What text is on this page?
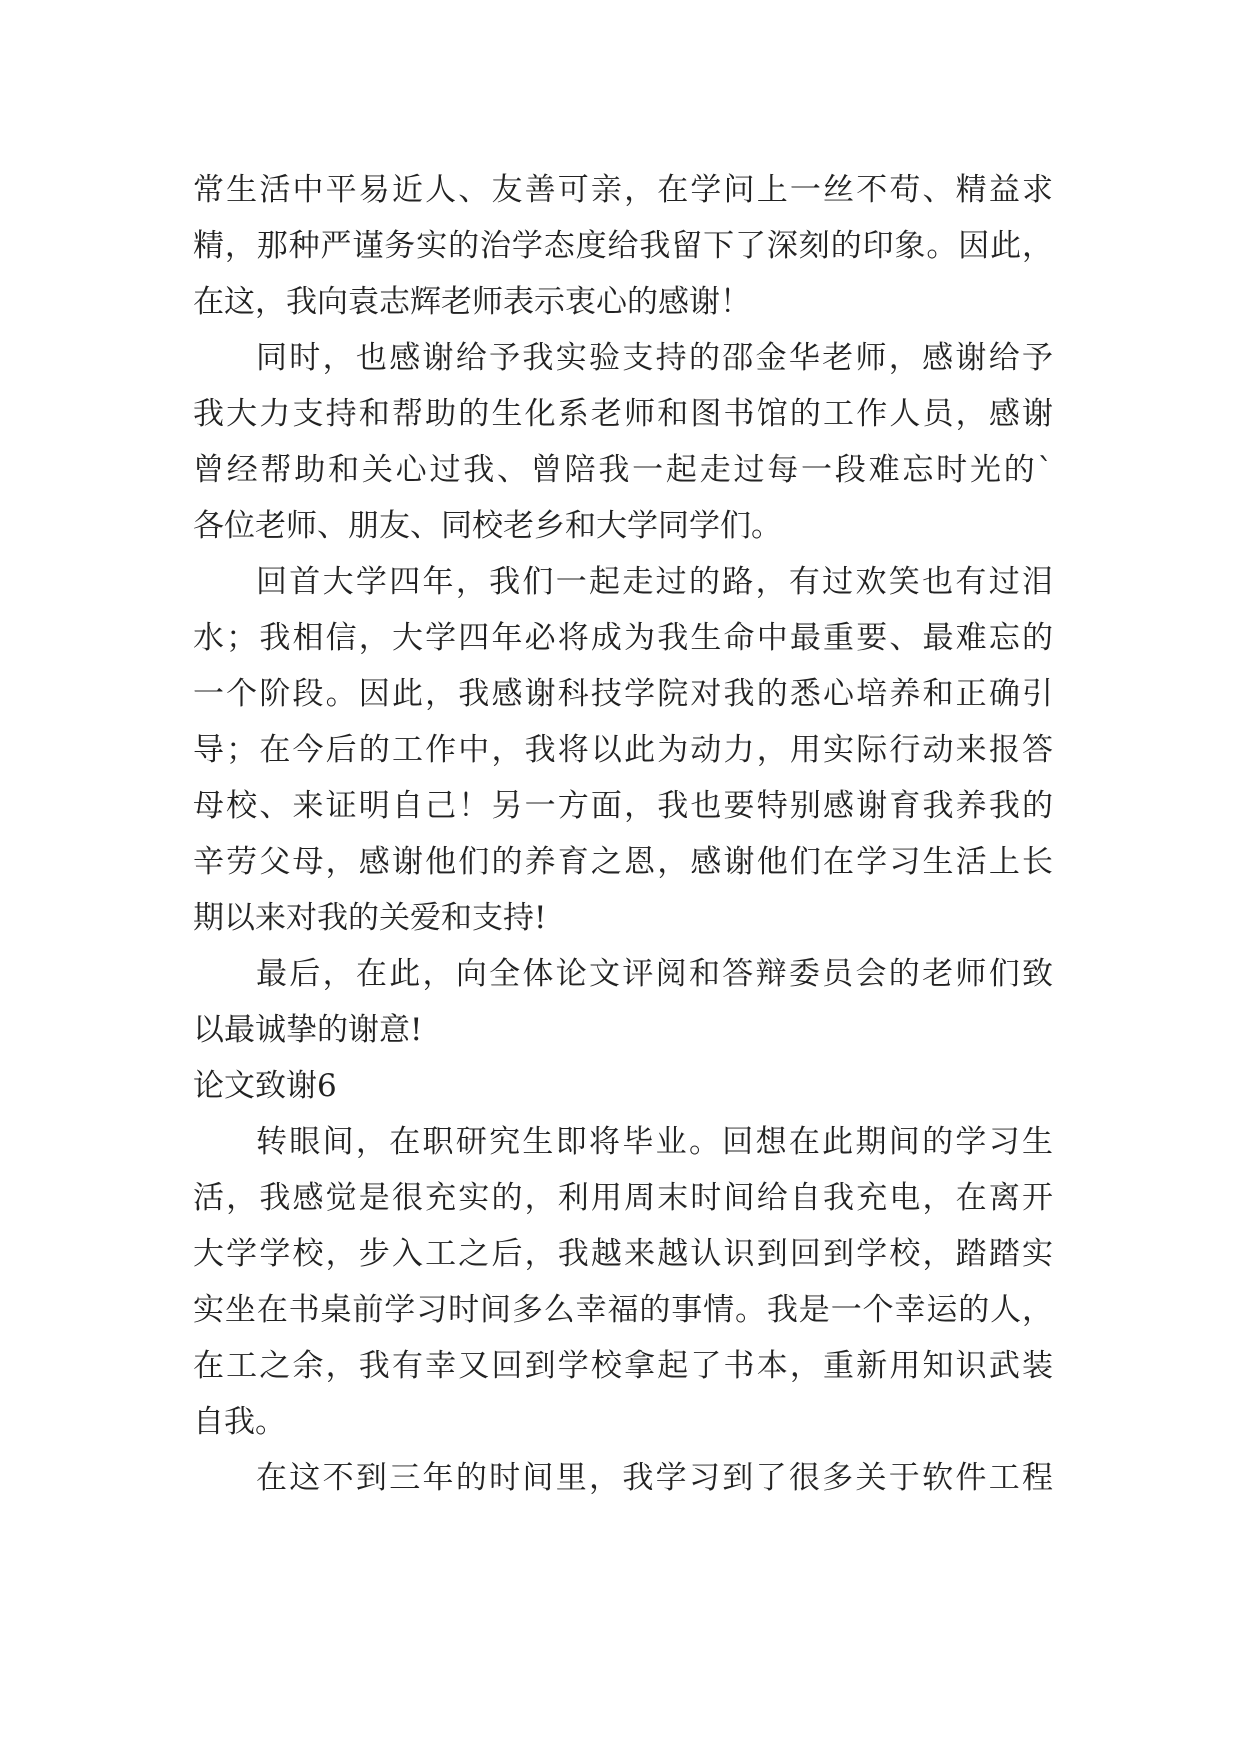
常生活中平易近人、友善可亲，在学问上一丝不苟、精益求
精，那种严谨务实的治学态度给我留下了深刻的印象。因此，
在这，我向袁志辉老师表示衷心的感谢！
同时，也感谢给予我实验支持的邵金华老师，感谢给予
我大力支持和帮助的生化系老师和图书馆的工作人员，感谢
曾经帮助和关心过我、曾陪我一起走过每一段难忘时光的`
各位老师、朋友、同校老乡和大学同学们。
回首大学四年，我们一起走过的路，有过欢笑也有过泪
水；我相信，大学四年必将成为我生命中最重要、最难忘的
一个阶段。因此，我感谢科技学院对我的悉心培养和正确引
导；在今后的工作中，我将以此为动力，用实际行动来报答
母校、来证明自己！另一方面，我也要特别感谢育我养我的
辛劳父母，感谢他们的养育之恩，感谢他们在学习生活上长
期以来对我的关爱和支持!
最后，在此，向全体论文评阅和答辩委员会的老师们致
以最诚挚的谢意!
论文致谢6
转眼间，在职研究生即将毕业。回想在此期间的学习生
活，我感觉是很充实的，利用周末时间给自我充电，在离开
大学学校，步入工之后，我越来越认识到回到学校，踏踏实
实坐在书桌前学习时间多么幸福的事情。我是一个幸运的人，
在工之余，我有幸又回到学校拿起了书本，重新用知识武装
自我。
在这不到三年的时间里，我学习到了很多关于软件工程
